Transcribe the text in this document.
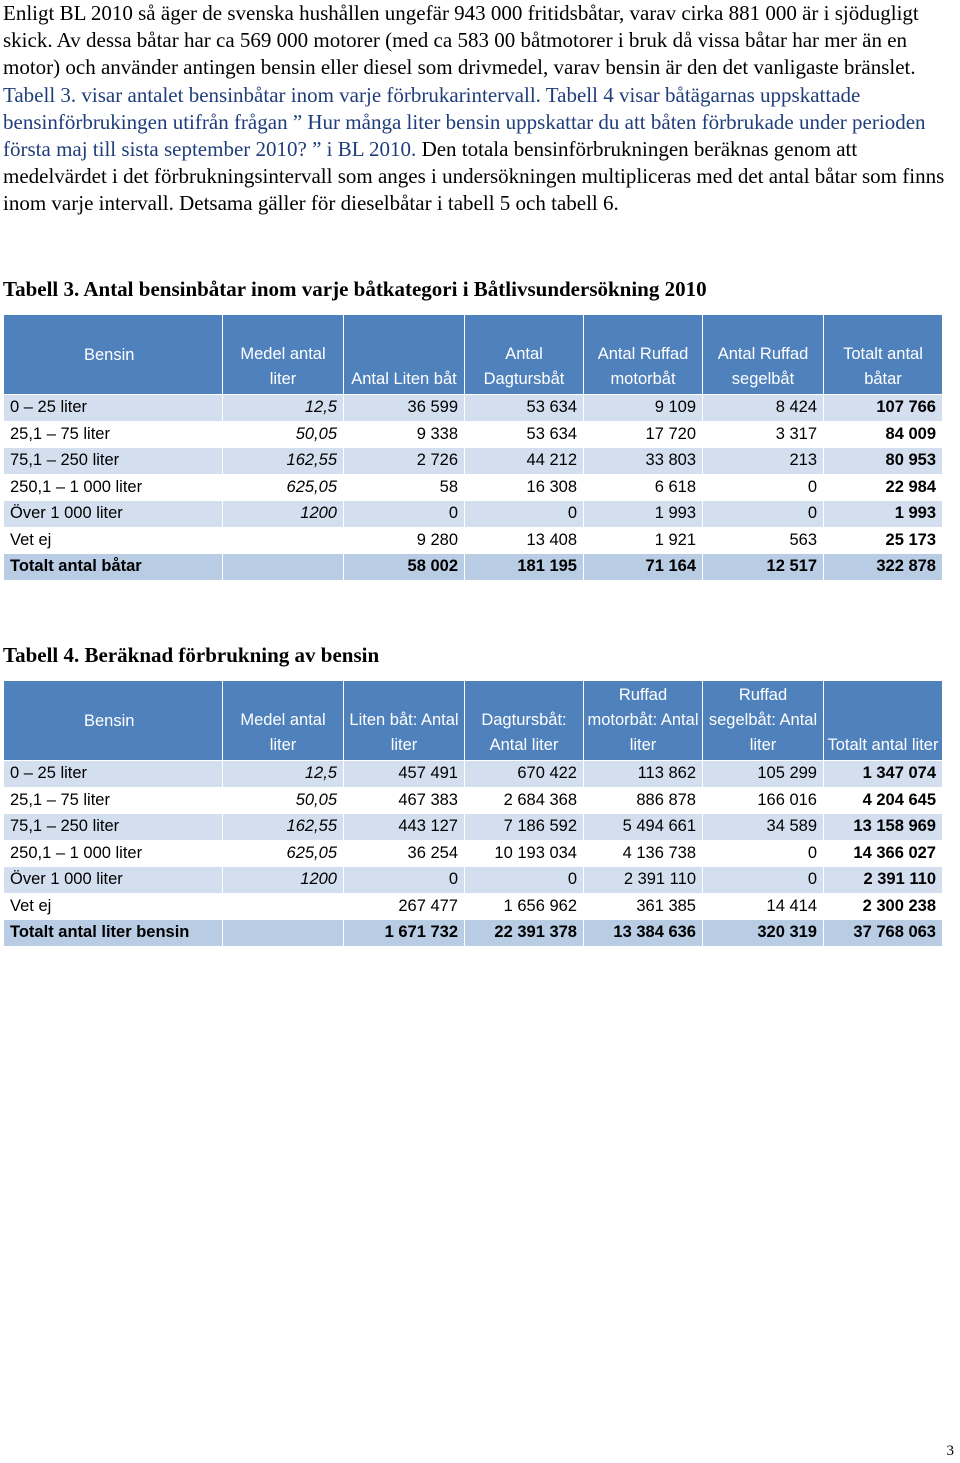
Enligt BL 2010 så äger de svenska hushållen ungefär 943 000 fritidsbåtar, varav cirka 881 000 är i sjödugligt skick. Av dessa båtar har ca 569 000 motorer (med ca 583 00 båtmotorer i bruk då vissa båtar har mer än en motor) och använder antingen bensin eller diesel som drivmedel, varav bensin är den det vanligaste bränslet. Tabell 3. visar antalet bensinbåtar inom varje förbrukarintervall. Tabell 4 visar båtägarnas uppskattade bensinförbrukingen utifrån frågan ” Hur många liter bensin uppskattar du att båten förbrukade under perioden första maj till sista september 2010? ” i BL 2010. Den totala bensinförbrukningen beräknas genom att medelvärdet i det förbrukningsintervall som anges i undersökningen multipliceras med det antal båtar som finns inom varje intervall. Detsama gäller för dieselbåtar i tabell 5 och tabell 6.

Tabell 3. Antal bensinbåtar inom varje båtkategori i Båtlivsundersökning 2010

Bensin	Medel antal liter	Antal Liten båt	Antal Dagtursbåt	Antal Ruffad motorbåt	Antal Ruffad segelbåt	Totalt antal båtar
0 – 25 liter	12,5	36 599	53 634	9 109	8 424	107 766
25,1 – 75 liter	50,05	9 338	53 634	17 720	3 317	84 009
75,1 – 250 liter	162,55	2 726	44 212	33 803	213	80 953
250,1 – 1 000 liter	625,05	58	16 308	6 618	0	22 984
Över 1 000 liter	1200	0	0	1 993	0	1 993
Vet ej		9 280	13 408	1 921	563	25 173
Totalt antal båtar		58 002	181 195	71 164	12 517	322 878

Tabell 4. Beräknad förbrukning av bensin

Bensin	Medel antal liter	Liten båt: Antal liter	Dagtursbåt: Antal liter	Ruffad motorbåt: Antal liter	Ruffad segelbåt: Antal liter	Totalt antal liter
0 – 25 liter	12,5	457 491	670 422	113 862	105 299	1 347 074
25,1 – 75 liter	50,05	467 383	2 684 368	886 878	166 016	4 204 645
75,1 – 250 liter	162,55	443 127	7 186 592	5 494 661	34 589	13 158 969
250,1 – 1 000 liter	625,05	36 254	10 193 034	4 136 738	0	14 366 027
Över 1 000 liter	1200	0	0	2 391 110	0	2 391 110
Vet ej		267 477	1 656 962	361 385	14 414	2 300 238
Totalt antal liter bensin		1 671 732	22 391 378	13 384 636	320 319	37 768 063
3
